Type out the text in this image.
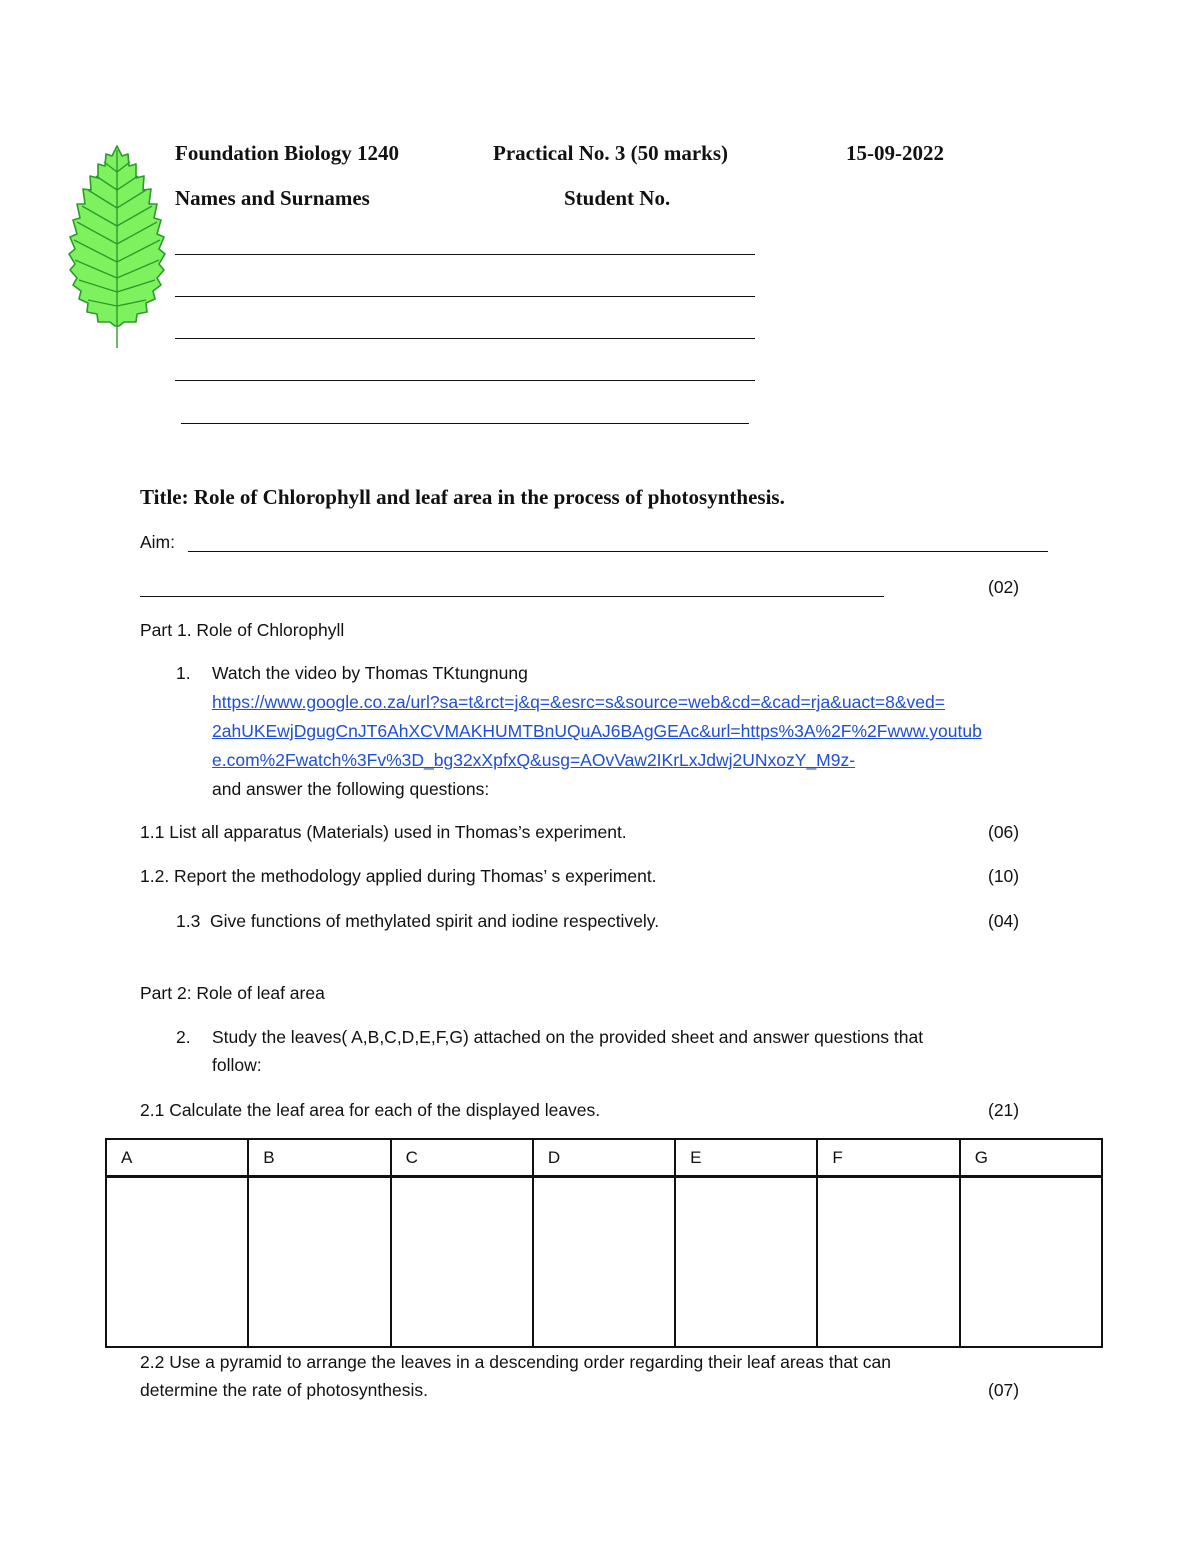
Foundation Biology 1240	Practical No. 3 (50 marks)	15-09-2022
Names and Surnames	Student No.
Title: Role of Chlorophyll and leaf area in the process of photosynthesis.
Aim:
(02)
Part 1. Role of Chlorophyll
1. Watch the video by Thomas TKtungnung
https://www.google.co.za/url?sa=t&rct=j&q=&esrc=s&source=web&cd=&cad=rja&uact=8&ved=
2ahUKEwjDgugCnJT6AhXCVMAKHUMTBnUQuAJ6BAgGEAc&url=https%3A%2F%2Fwww.youtub
e.com%2Fwatch%3Fv%3D_bg32xXpfxQ&usg=AOvVaw2IKrLxJdwj2UNxozY_M9z-
and answer the following questions:
1.1 List all apparatus (Materials) used in Thomas’s experiment.	(06)
1.2. Report the methodology applied during Thomas’ s experiment.	(10)
1.3  Give functions of methylated spirit and iodine respectively.	(04)
Part 2: Role of leaf area
2. Study the leaves( A,B,C,D,E,F,G) attached on the provided sheet and answer questions that
follow:
2.1 Calculate the leaf area for each of the displayed leaves.	(21)
A	B	C	D	E	F	G

2.2 Use a pyramid to arrange the leaves in a descending order regarding their leaf areas that can
determine the rate of photosynthesis.	(07)
